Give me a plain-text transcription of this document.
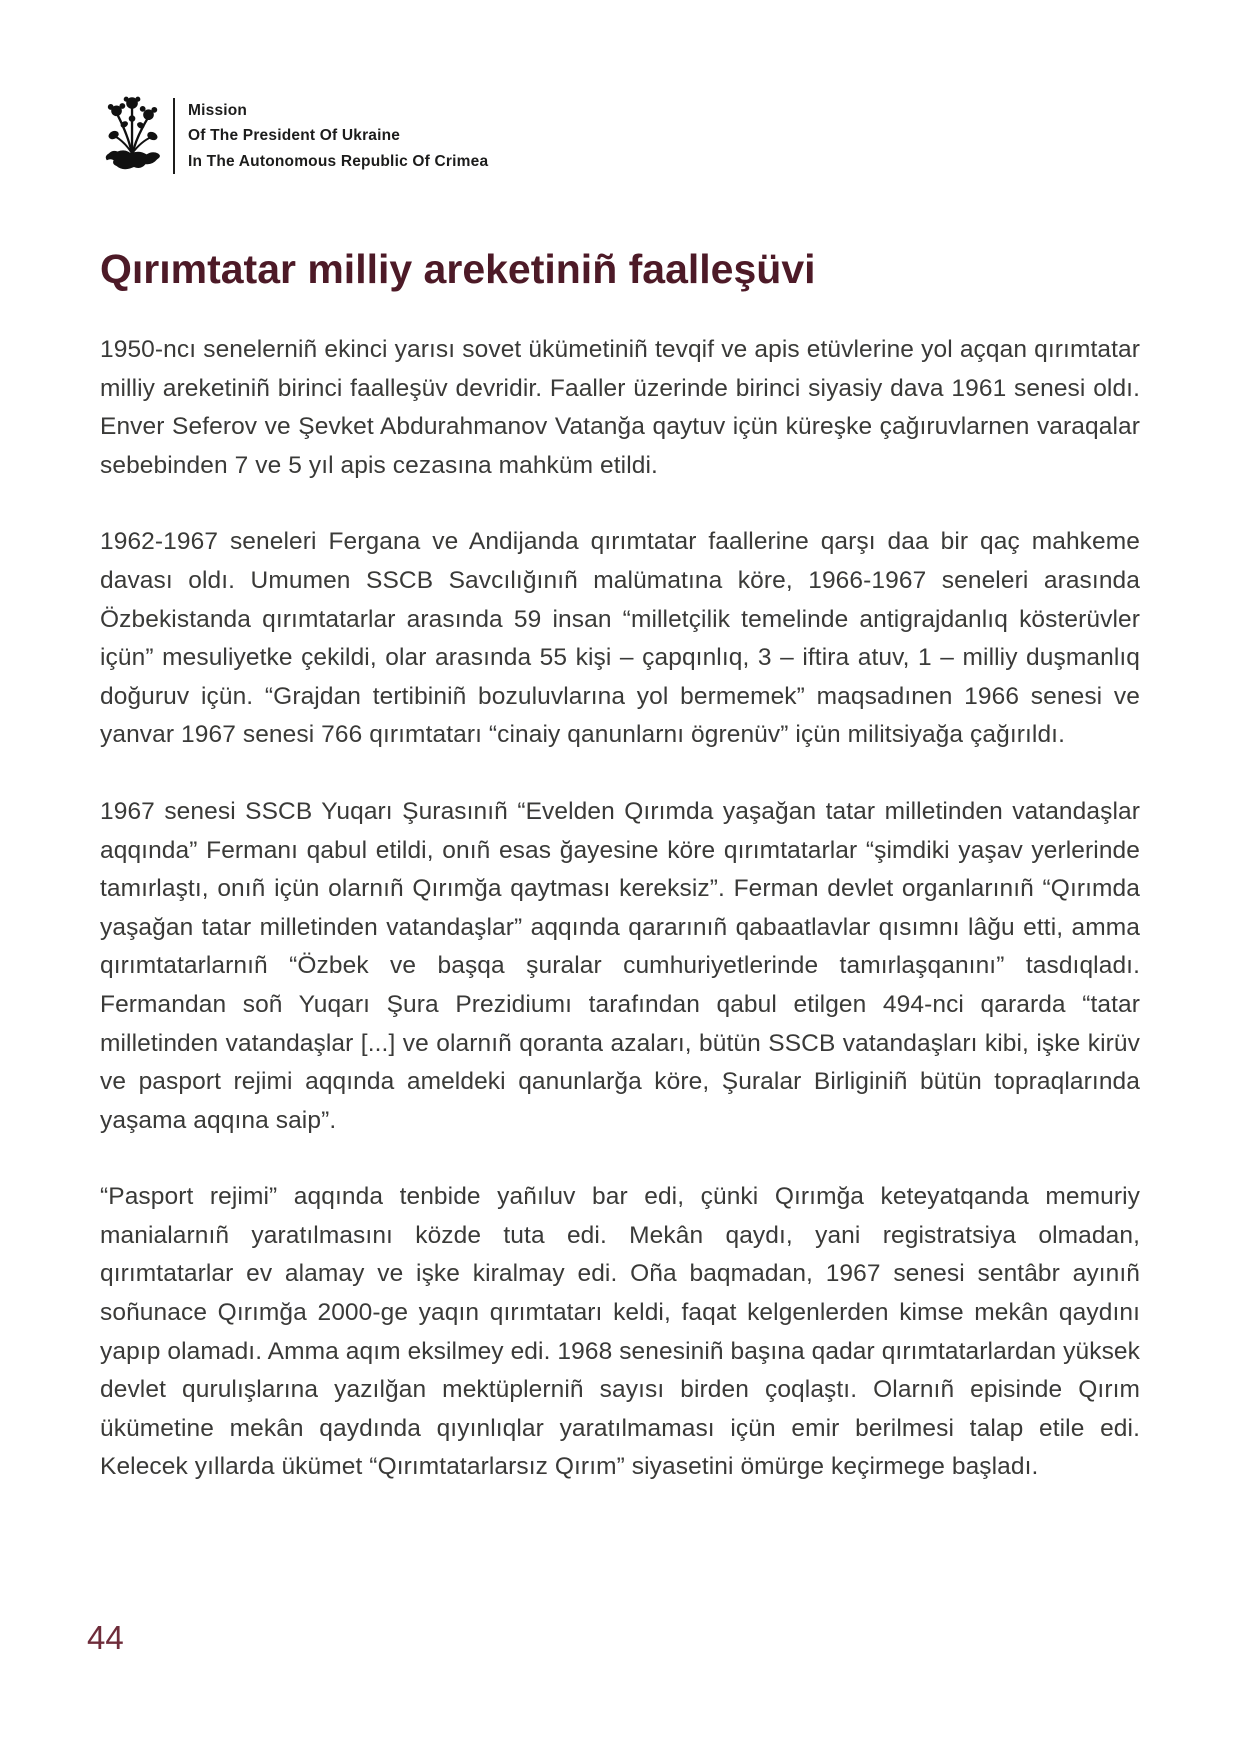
Mission
Of The President Of Ukraine
In The Autonomous Republic Of Crimea
Qırımtatar milliy areketiniñ faalleşüvi

1950-ncı senelerniñ ekinci yarısı sovet ükümetiniñ tevqif ve apis etüvlerine yol açqan qırımtatar milliy areketiniñ birinci faalleşüv devridir. Faaller üzerinde birinci siyasiy dava 1961 senesi oldı. Enver Seferov ve Şevket Abdurahmanov Vatanğa qaytuv içün küreşke çağıruvlarnen varaqalar sebebinden 7 ve 5 yıl apis cezasına mahküm etildi.

1962-1967 seneleri Fergana ve Andijanda qırımtatar faallerine qarşı daa bir qaç mahkeme davası oldı. Umumen SSCB Savcılığınıñ malümatına köre, 1966-1967 seneleri arasında Özbekistanda qırımtatarlar arasında 59 insan “milletçilik temelinde antigrajdanlıq kösterüvler içün” mesuliyetke çekildi, olar arasında 55 kişi – çapqınlıq, 3 – iftira atuv, 1 – milliy duşmanlıq doğuruv içün. “Grajdan tertibiniñ bozuluvlarına yol bermemek” maqsadınen 1966 senesi ve yanvar 1967 senesi 766 qırımtatarı “cinaiy qanunlarnı ögrenüv” içün militsiyağa çağırıldı.

1967 senesi SSCB Yuqarı Şurasınıñ “Evelden Qırımda yaşağan tatar milletinden vatandaşlar aqqında” Fermanı qabul etildi, onıñ esas ğayesine köre qırımtatarlar “şimdiki yaşav yerlerinde tamırlaştı, onıñ içün olarnıñ Qırımğa qaytması kereksiz”. Ferman devlet organlarınıñ “Qırımda yaşağan tatar milletinden vatandaşlar” aqqında qararınıñ qabaatlavlar qısımnı lâğu etti, amma qırımtatarlarnıñ “Özbek ve başqa şuralar cumhuriyetlerinde tamırlaşqanını” tasdıqladı. Fermandan soñ Yuqarı Şura Prezidiumı tarafından qabul etilgen 494-nci qararda “tatar milletinden vatandaşlar [...] ve olarnıñ qoranta azaları, bütün SSCB vatandaşları kibi, işke kirüv ve pasport rejimi aqqında ameldeki qanunlarğa köre, Şuralar Birliginiñ bütün topraqlarında yaşama aqqına saip”.

“Pasport rejimi” aqqında tenbide yañıluv bar edi, çünki Qırımğa keteyatqanda memuriy manialarnıñ yaratılmasını közde tuta edi. Mekân qaydı, yani registratsiya olmadan, qırımtatarlar ev alamay ve işke kiralmay edi. Oña baqmadan, 1967 senesi sentâbr ayınıñ soñunace Qırımğa 2000-ge yaqın qırımtatarı keldi, faqat kelgenlerden kimse mekân qaydını yapıp olamadı. Amma aqım eksilmey edi. 1968 senesiniñ başına qadar qırımtatarlardan yüksek devlet qurulışlarına yazılğan mektüplerniñ sayısı birden çoqlaştı. Olarnıñ episinde Qırım ükümetine mekân qaydında qıyınlıqlar yaratılmaması içün emir berilmesi talap etile edi. Kelecek yıllarda ükümet “Qırımtatarlarsız Qırım” siyasetini ömürge keçirmege başladı.

44
